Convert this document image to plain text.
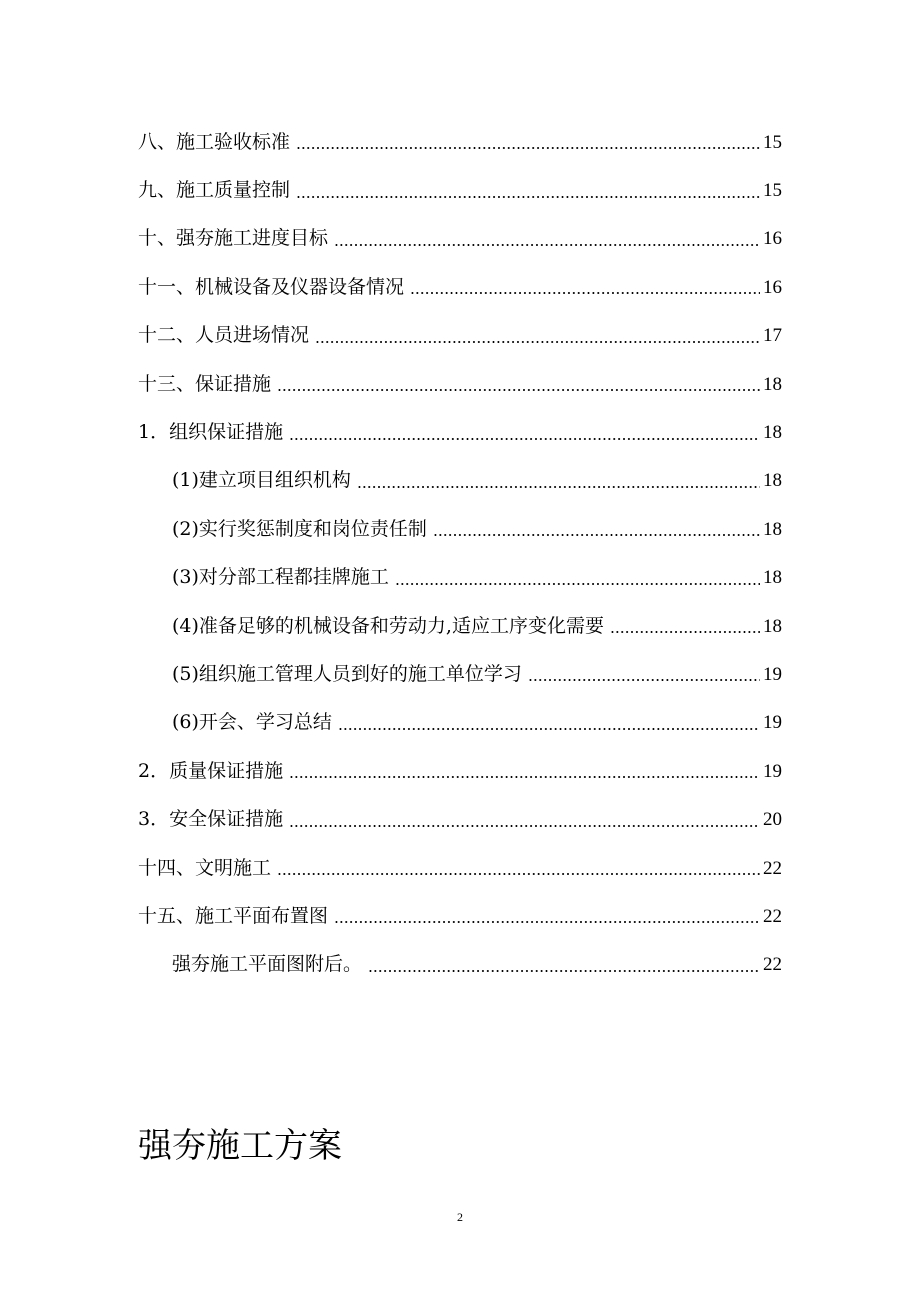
八、施工验收标准	15
九、施工质量控制	15
十、强夯施工进度目标	16
十一、机械设备及仪器设备情况	16
十二、人员进场情况	17
十三、保证措施	18
1．组织保证措施	18
(1)建立项目组织机构	18
(2)实行奖惩制度和岗位责任制	18
(3)对分部工程都挂牌施工	18
(4)准备足够的机械设备和劳动力,适应工序变化需要	18
(5)组织施工管理人员到好的施工单位学习	19
(6)开会、学习总结	19
2．质量保证措施	19
3．安全保证措施	20
十四、文明施工	22
十五、施工平面布置图	22
强夯施工平面图附后。	22
强夯施工方案
2
